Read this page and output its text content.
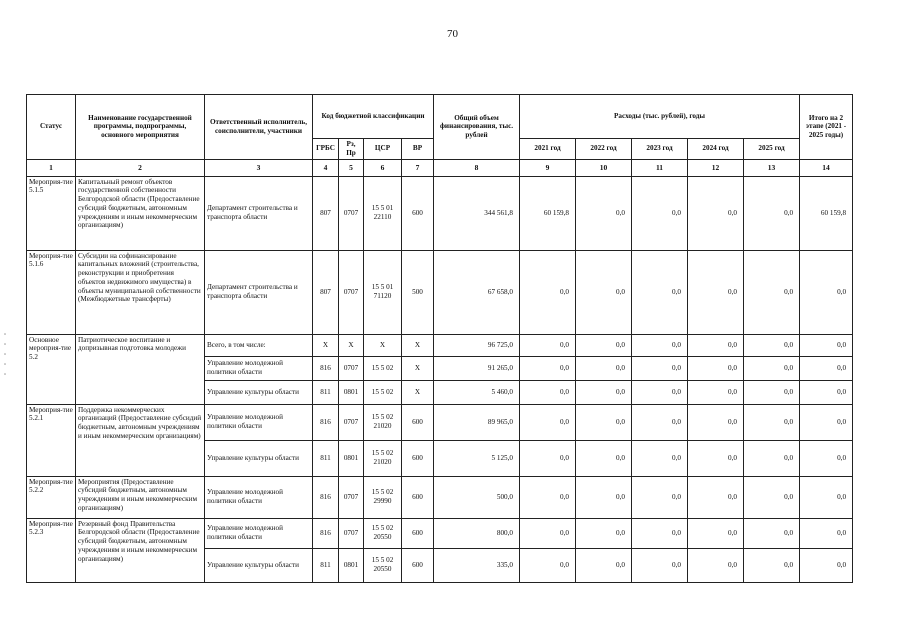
70
Статус	Наименование государственной программы, подпрограммы, основного мероприятия	Ответственный исполнитель, соисполнители, участники	Код бюджетной классификации				Общий объем финансирования, тыс. рублей	Расходы (тыс. рублей), годы					Итого на 2 этапе (2021 - 2025 годы)
			ГРБС	Рз, Пр	ЦСР	ВР		2021 год	2022 год	2023 год	2024 год	2025 год	
1	2	3	4	5	6	7	8	9	10	11	12	13	14
Мероприя-тие 5.1.5	Капитальный ремонт объектов государственной собственности Белгородской области (Предоставление субсидий бюджетным, автономным учреждениям и иным некоммерческим организациям)	Департамент строительства и транспорта области	807	0707	15 5 01 22110	600	344 561,8	60 159,8	0,0	0,0	0,0	0,0	60 159,8
Мероприя-тие 5.1.6	Субсидии на софинансирование капитальных вложений (строительства, реконструкции и приобретения объектов недвижимого имущества) в объекты муниципальной собственности (Межбюджетные трансферты)	Департамент строительства и транспорта области	807	0707	15 5 01 71120	500	67 658,0	0,0	0,0	0,0	0,0	0,0	0,0
Основное мероприя-тие 5.2	Патриотическое воспитание и допризывная подготовка молодежи	Всего, в том числе:	Х	Х	Х	Х	96 725,0	0,0	0,0	0,0	0,0	0,0	0,0
		Управление молодежной политики области	816	0707	15 5 02	Х	91 265,0	0,0	0,0	0,0	0,0	0,0	0,0
		Управление культуры области	811	0801	15 5 02	Х	5 460,0	0,0	0,0	0,0	0,0	0,0	0,0
Мероприя-тие 5.2.1	Поддержка некоммерческих организаций (Предоставление субсидий бюджетным, автономным учреждениям и иным некоммерческим организациям)	Управление молодежной политики области	816	0707	15 5 02 21020	600	89 965,0	0,0	0,0	0,0	0,0	0,0	0,0
		Управление культуры области	811	0801	15 5 02 21020	600	5 125,0	0,0	0,0	0,0	0,0	0,0	0,0
Мероприя-тие 5.2.2	Мероприятия (Предоставление субсидий бюджетным, автономным учреждениям и иным некоммерческим организациям)	Управление молодежной политики области	816	0707	15 5 02 29990	600	500,0	0,0	0,0	0,0	0,0	0,0	0,0
Мероприя-тие 5.2.3	Резервный фонд Правительства Белгородской области (Предоставление субсидий бюджетным, автономным учреждениям и иным некоммерческим организациям)	Управление молодежной политики области	816	0707	15 5 02 20550	600	800,0	0,0	0,0	0,0	0,0	0,0	0,0
		Управление культуры области	811	0801	15 5 02 20550	600	335,0	0,0	0,0	0,0	0,0	0,0	0,0
